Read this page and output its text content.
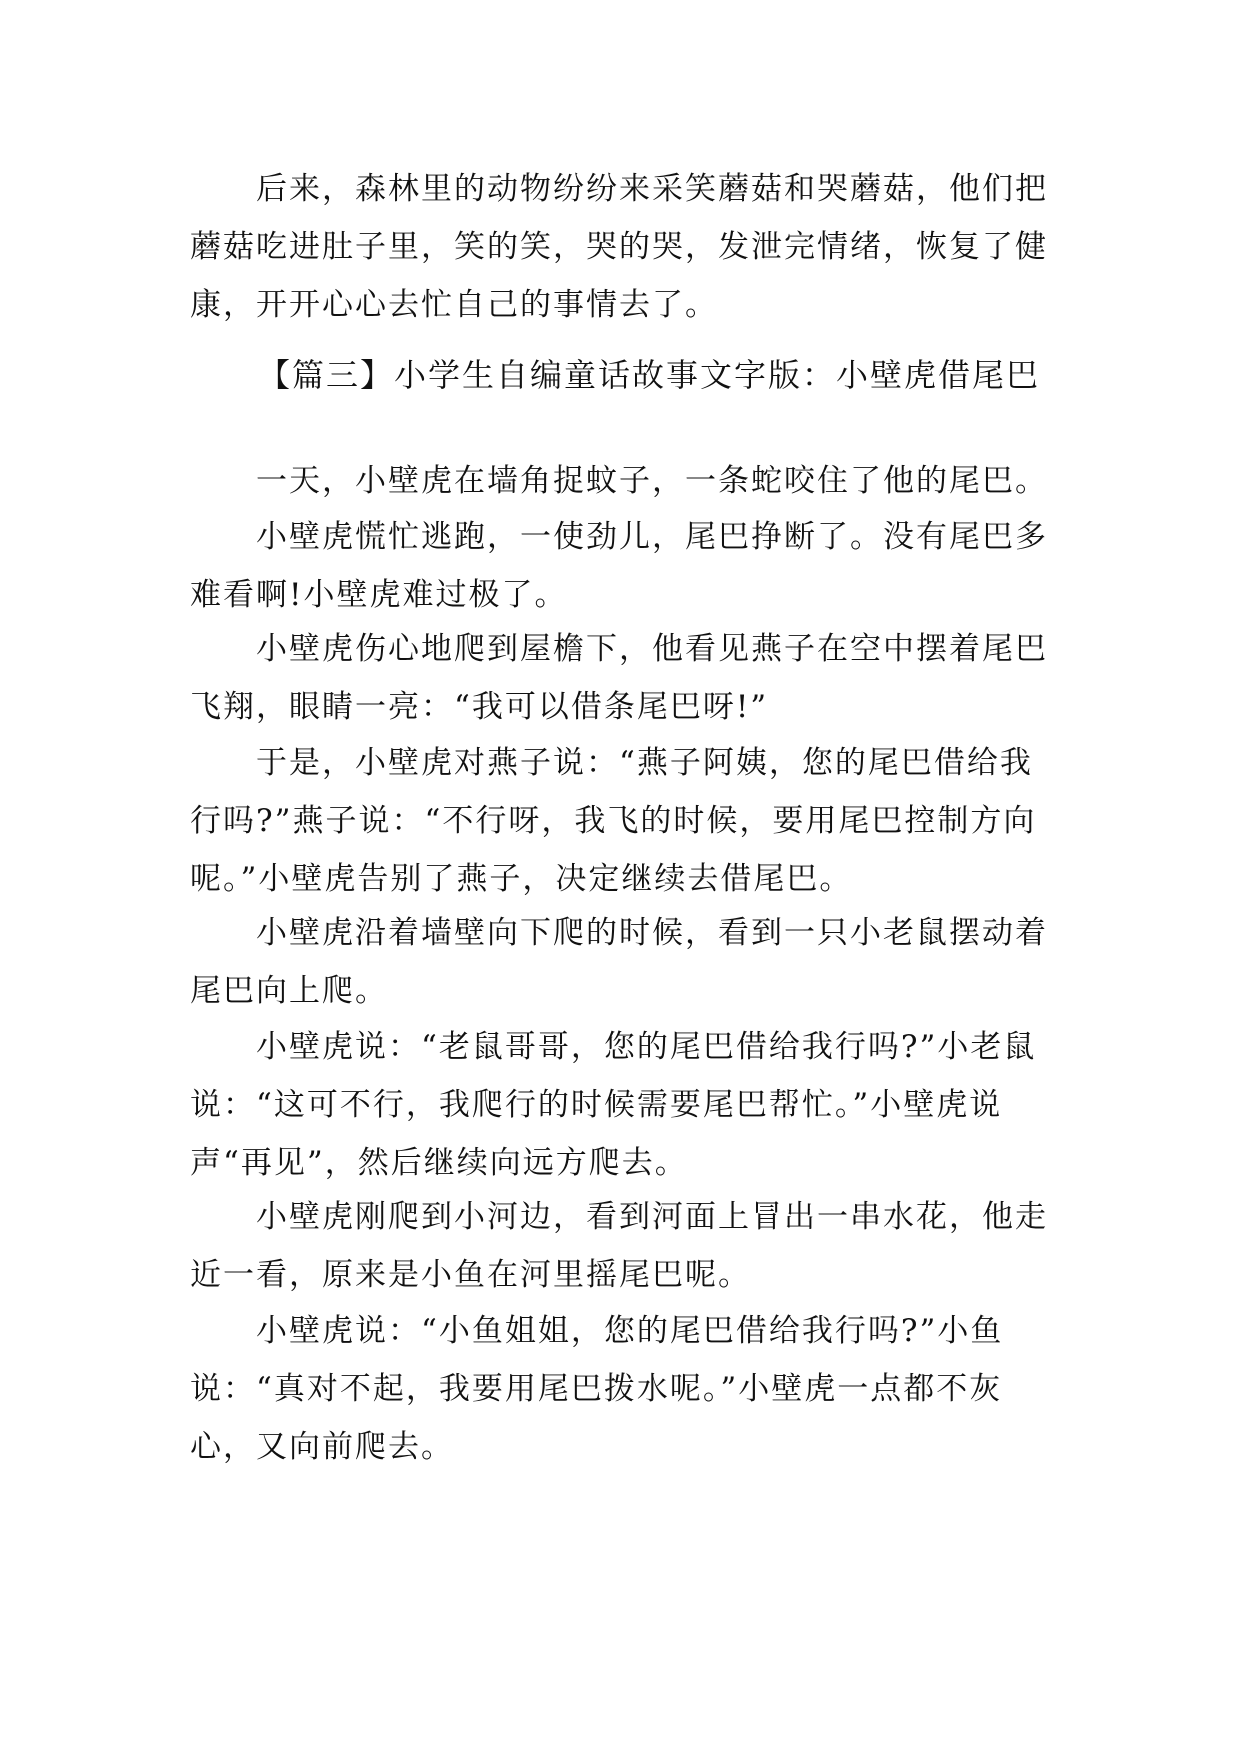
后来，森林里的动物纷纷来采笑蘑菇和哭蘑菇，他们把蘑菇吃进肚子里，笑的笑，哭的哭，发泄完情绪，恢复了健康，开开心心去忙自己的事情去了。

【篇三】小学生自编童话故事文字版：小壁虎借尾巴

一天，小壁虎在墙角捉蚊子，一条蛇咬住了他的尾巴。

小壁虎慌忙逃跑，一使劲儿，尾巴挣断了。没有尾巴多难看啊!小壁虎难过极了。

小壁虎伤心地爬到屋檐下，他看见燕子在空中摆着尾巴飞翔，眼睛一亮：“我可以借条尾巴呀!”

于是，小壁虎对燕子说：“燕子阿姨，您的尾巴借给我行吗?”燕子说：“不行呀，我飞的时候，要用尾巴控制方向呢。”小壁虎告别了燕子，决定继续去借尾巴。

小壁虎沿着墙壁向下爬的时候，看到一只小老鼠摆动着尾巴向上爬。

小壁虎说：“老鼠哥哥，您的尾巴借给我行吗?”小老鼠说：“这可不行，我爬行的时候需要尾巴帮忙。”小壁虎说声“再见”，然后继续向远方爬去。

小壁虎刚爬到小河边，看到河面上冒出一串水花，他走近一看，原来是小鱼在河里摇尾巴呢。

小壁虎说：“小鱼姐姐，您的尾巴借给我行吗?”小鱼说：“真对不起，我要用尾巴拨水呢。”小壁虎一点都不灰心，又向前爬去。
